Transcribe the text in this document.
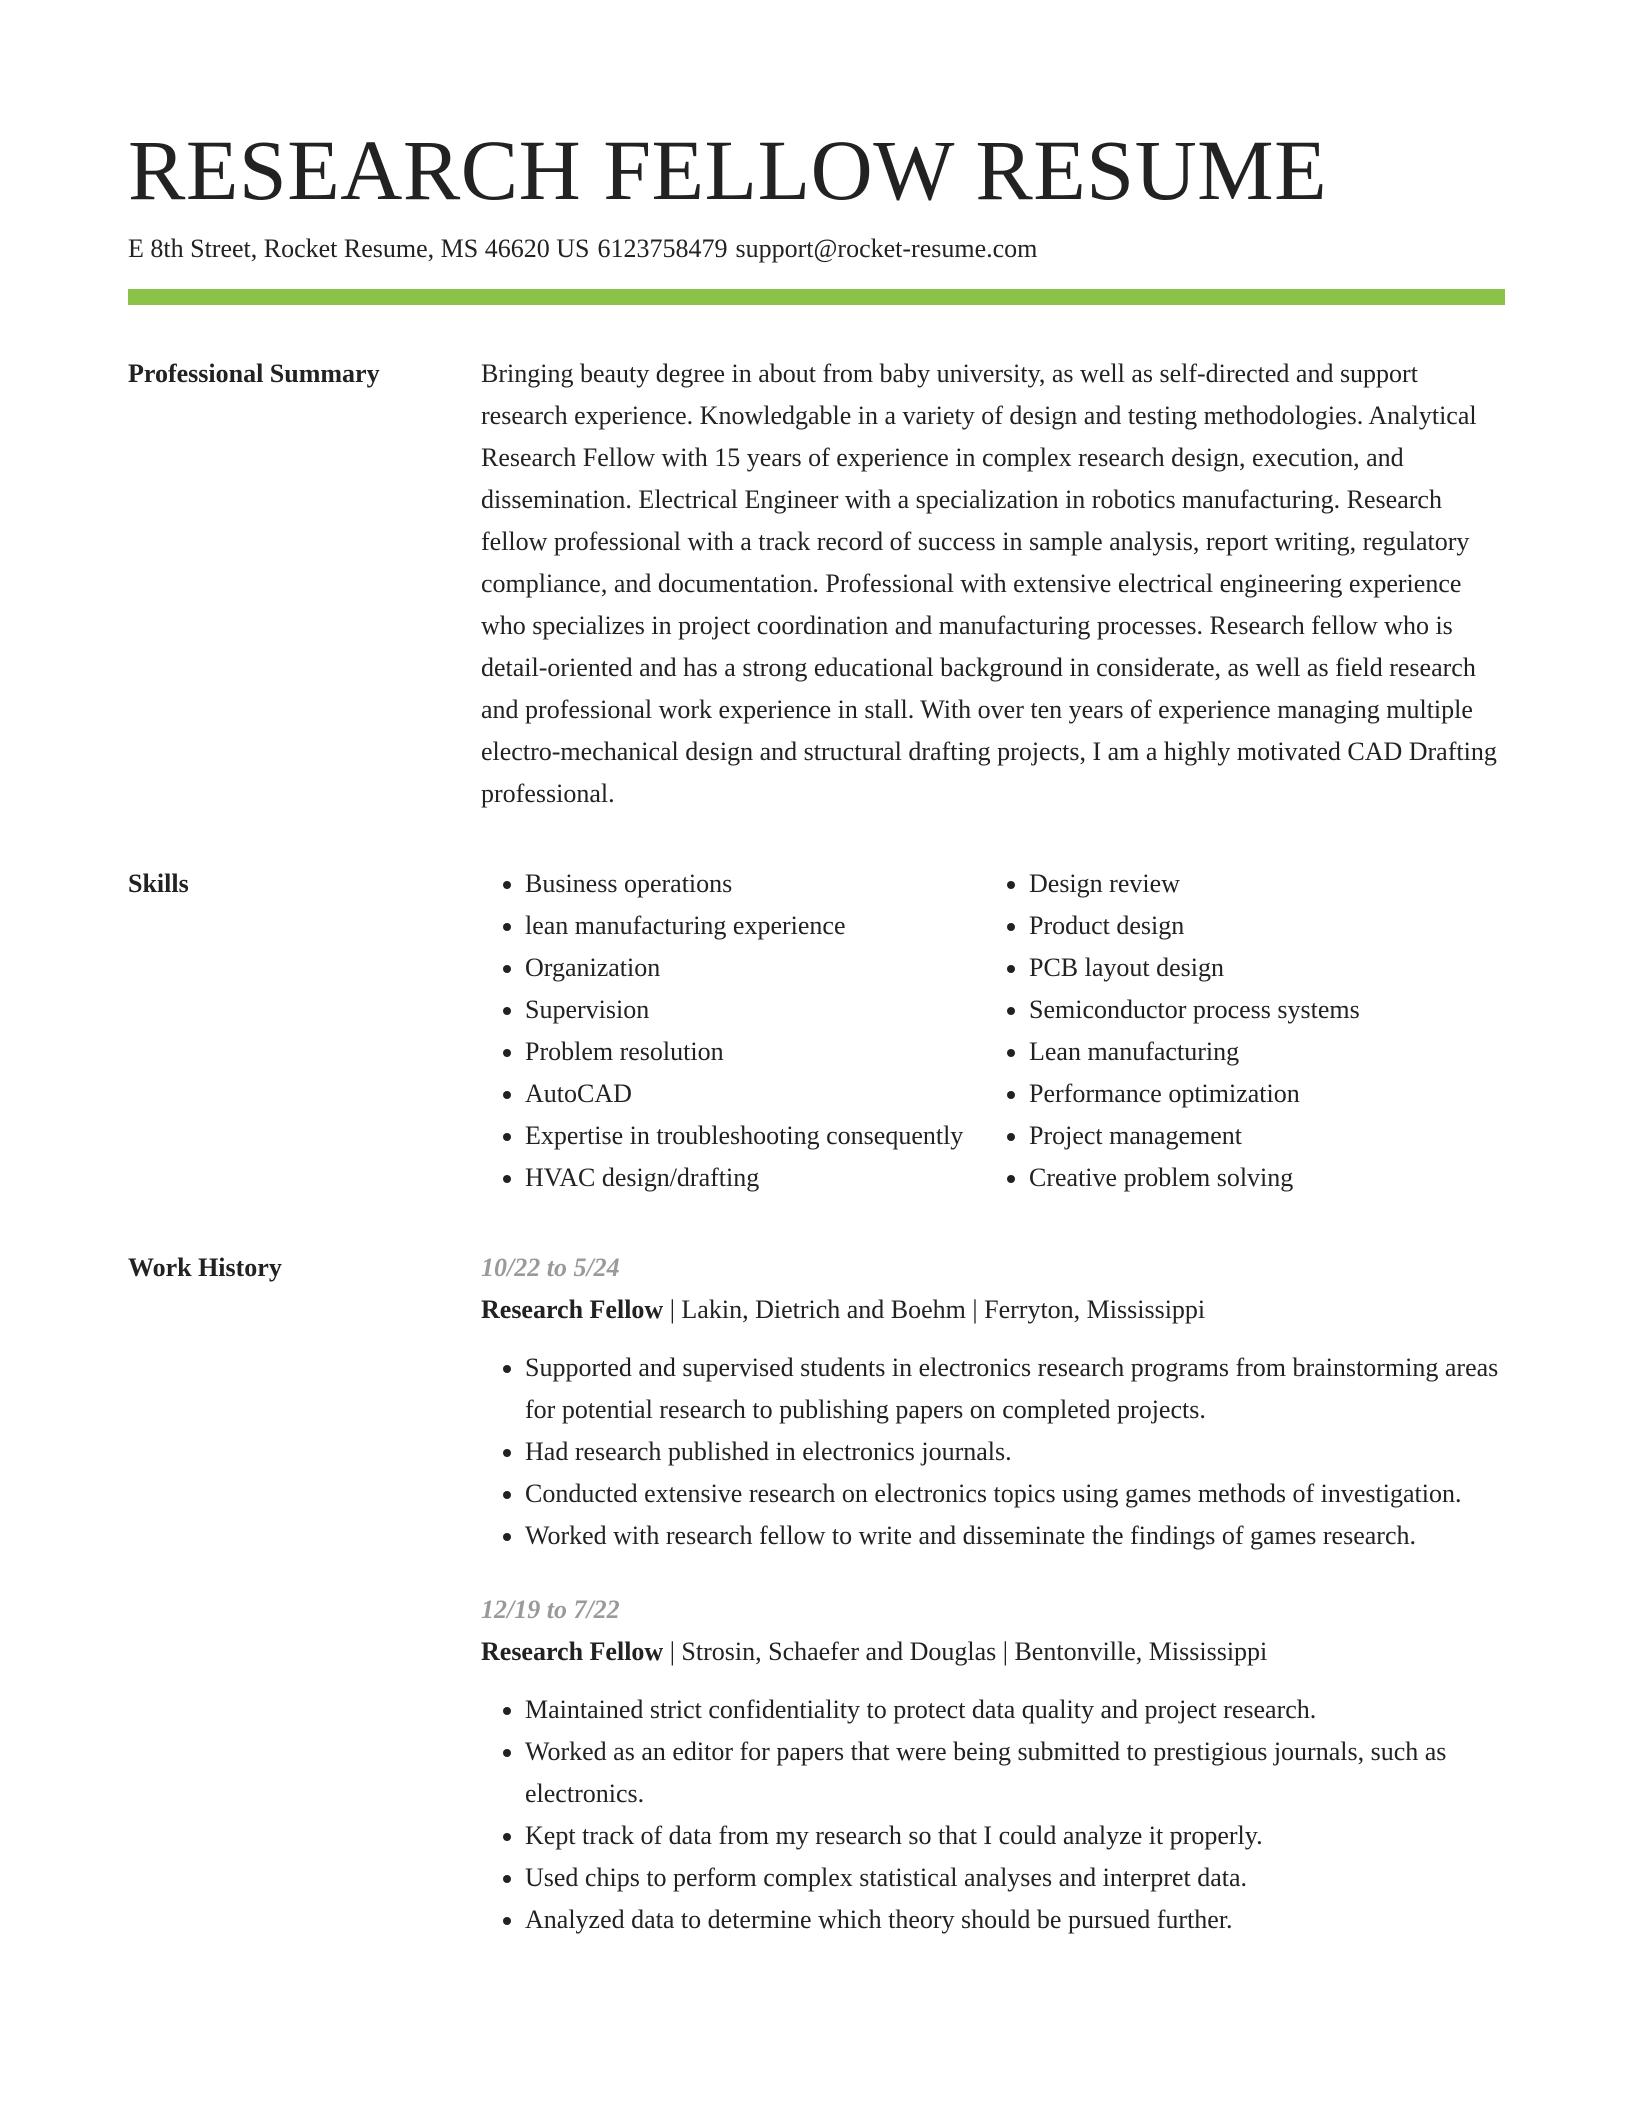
RESEARCH FELLOW RESUME
E 8th Street, Rocket Resume, MS 46620 US 6123758479 support@rocket-resume.com
Professional Summary	Bringing beauty degree in about from baby university, as well as self-directed and support research experience. Knowledgable in a variety of design and testing methodologies. Analytical Research Fellow with 15 years of experience in complex research design, execution, and dissemination. Electrical Engineer with a specialization in robotics manufacturing. Research fellow professional with a track record of success in sample analysis, report writing, regulatory compliance, and documentation. Professional with extensive electrical engineering experience who specializes in project coordination and manufacturing processes. Research fellow who is detail-oriented and has a strong educational background in considerate, as well as field research and professional work experience in stall. With over ten years of experience managing multiple electro-mechanical design and structural drafting projects, I am a highly motivated CAD Drafting professional.

Skills
•	Business operations
• lean manufacturing experience
• Organization
• Supervision
• Problem resolution
• AutoCAD
• Expertise in troubleshooting consequently
• HVAC design/drafting
• Design review
• Product design
• PCB layout design
• Semiconductor process systems
• Lean manufacturing
• Performance optimization
• Project management
• Creative problem solving
Work History	10/22 to 5/24
Research Fellow | Lakin, Dietrich and Boehm | Ferryton, Mississippi
• Supported and supervised students in electronics research programs from brainstorming areas for potential research to publishing papers on completed projects.
• Had research published in electronics journals.
• Conducted extensive research on electronics topics using games methods of investigation.
• Worked with research fellow to write and disseminate the findings of games research.
12/19 to 7/22
Research Fellow | Strosin, Schaefer and Douglas | Bentonville, Mississippi
• Maintained strict confidentiality to protect data quality and project research.
• Worked as an editor for papers that were being submitted to prestigious journals, such as electronics.
• Kept track of data from my research so that I could analyze it properly.
• Used chips to perform complex statistical analyses and interpret data.
• Analyzed data to determine which theory should be pursued further.
